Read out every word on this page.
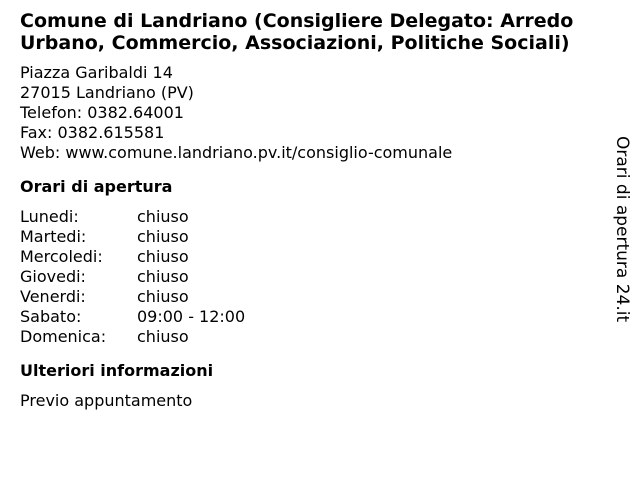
Comune di Landriano (Consigliere Delegato: Arredo Urbano, Commercio, Associazioni, Politiche Sociali)
Piazza Garibaldi 14
27015 Landriano (PV)
Telefon: 0382.64001
Fax: 0382.615581
Web: www.comune.landriano.pv.it/consiglio-comunale
Orari di apertura
Lunedi:	chiuso
Martedi:	chiuso
Mercoledi:	chiuso
Giovedi:	chiuso
Venerdi:	chiuso
Sabato:	09:00 - 12:00
Domenica:	chiuso
Ulteriori informazioni
Previo appuntamento
Orari di apertura 24.it
